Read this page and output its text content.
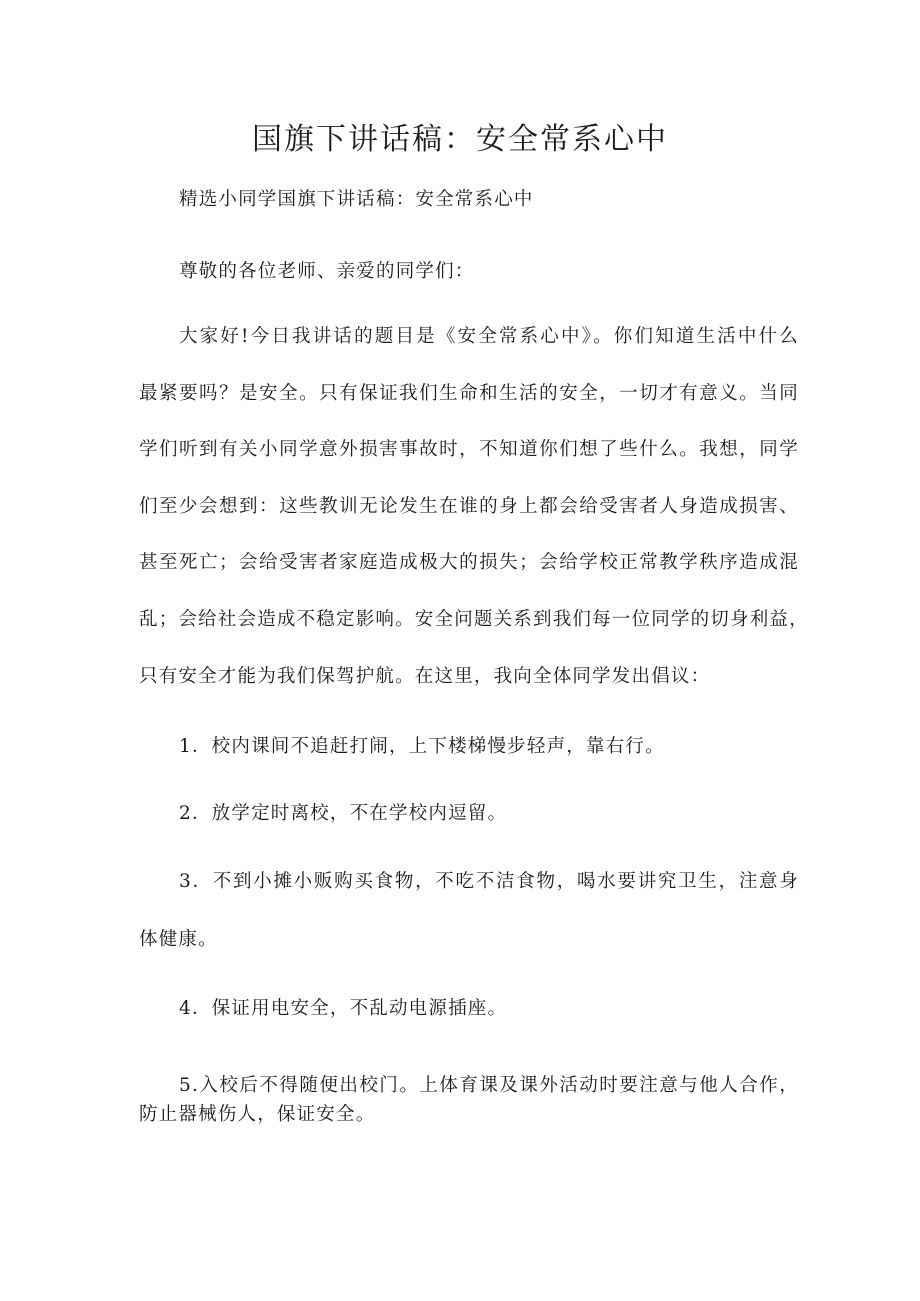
国旗下讲话稿：安全常系心中

精选小同学国旗下讲话稿：安全常系心中

尊敬的各位老师、亲爱的同学们：

大家好!今日我讲话的题目是《安全常系心中》。你们知道生活中什么

最紧要吗？是安全。只有保证我们生命和生活的安全，一切才有意义。当同

学们听到有关小同学意外损害事故时，不知道你们想了些什么。我想，同学

们至少会想到：这些教训无论发生在谁的身上都会给受害者人身造成损害、

甚至死亡；会给受害者家庭造成极大的损失；会给学校正常教学秩序造成混

乱；会给社会造成不稳定影响。安全问题关系到我们每一位同学的切身利益，

只有安全才能为我们保驾护航。在这里，我向全体同学发出倡议：

1．校内课间不追赶打闹，上下楼梯慢步轻声，靠右行。

2．放学定时离校，不在学校内逗留。

3．不到小摊小贩购买食物，不吃不洁食物，喝水要讲究卫生，注意身

体健康。

4．保证用电安全，不乱动电源插座。

5.入校后不得随便出校门。上体育课及课外活动时要注意与他人合作，

防止器械伤人，保证安全。
